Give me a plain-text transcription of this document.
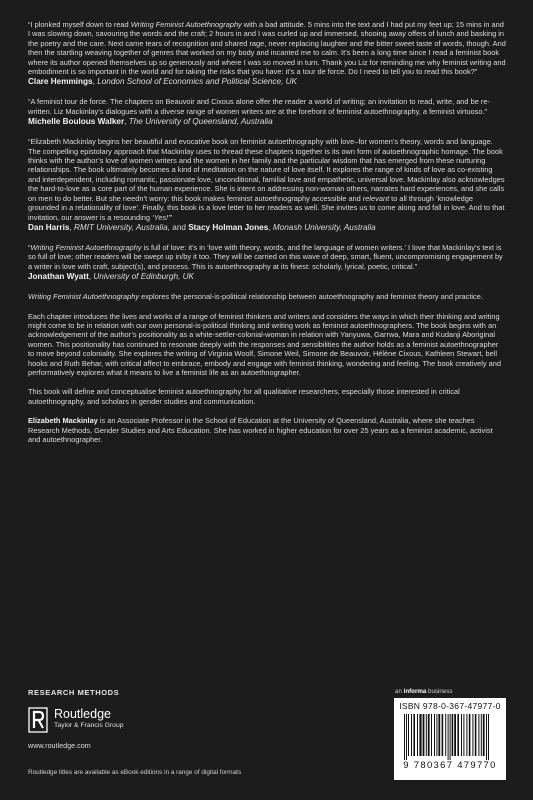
“I plonked myself down to read Writing Feminist Autoethnography with a bad attitude. 5 mins into the text and I had put my feet up; 15 mins in and I was slowing down, savouring the words and the craft; 2 hours in and I was curled up and immersed, shooing away offers of lunch and basking in the poetry and the care. Next came tears of recognition and shared rage, never replacing laughter and the bitter sweet taste of words, though. And then the startling weaving together of genres that worked on my body and incanted me to calm. It’s been a long time since I read a feminist book where its author opened themselves up so generously and where I was so moved in turn. Thank you Liz for reminding me why feminist writing and embodiment is so important in the world and for taking the risks that you have: it’s a tour de force. Do I need to tell you to read this book?”

Clare Hemmings, London School of Economics and Political Science, UK

“A feminist tour de force. The chapters on Beauvoir and Cixous alone offer the reader a world of writing; an invitation to read, write, and be re-written. Liz Mackinlay’s dialogues with a diverse range of women writers are at the forefront of feminist autoethnography, a feminist virtuoso.”

Michelle Boulous Walker, The University of Queensland, Australia

“Elizabeth Mackinlay begins her beautiful and evocative book on feminist autoethnography with love–for women’s theory, words and language. The compelling epistolary approach that Mackinlay uses to thread these chapters together is its own form of autoethnographic homage. The book thinks with the author’s love of women writers and the women in her family and the particular wisdom that has emerged from these nurturing relationships. The book ultimately becomes a kind of meditation on the nature of love itself. It explores the range of kinds of love as co-existing and interdependent, including romantic, passionate love, unconditional, familial love and empathetic, universal love. Mackinlay also acknowledges the hard-to-love as a core part of the human experience. She is intent on addressing non-woman others, narrates hard experiences, and she calls on men to do better. But she needn’t worry: this book makes feminist autoethnography accessible and relevant to all through ‘knowledge grounded in a relationality of love’. Finally, this book is a love letter to her readers as well. She invites us to come along and fall in love. And to that invitation, our answer is a resounding ‘Yes!’”

Dan Harris, RMIT University, Australia, and Stacy Holman Jones, Monash University, Australia

“Writing Feminist Autoethnography is full of love: it’s in ‘love with theory, words, and the language of women writers.’ I love that Mackinlay’s text is so full of love; other readers will be swept up in/by it too. They will be carried on this wave of deep, smart, fluent, uncompromising engagement by a writer in love with craft, subject(s), and process. This is autoethnography at its finest: scholarly, lyrical, poetic, critical.”

Jonathan Wyatt, University of Edinburgh, UK

Writing Feminist Autoethnography explores the personal-is-political relationship between autoethnography and feminist theory and practice.

Each chapter introduces the lives and works of a range of feminist thinkers and writers and considers the ways in which their thinking and writing might come to be in relation with our own personal-is-political thinking and writing work as feminist autoethnographers. The book begins with an acknowledgement of the author’s positionality as a white-settler-colonial-woman in relation with Yanyuwa, Garrwa, Mara and Kudanji Aboriginal women. This positionality has continued to resonate deeply with the responses and sensibilities the author holds as a feminist autoethnographer to move beyond coloniality. She explores the writing of Virginia Woolf, Simone Weil, Simone de Beauvoir, Hélène Cixous, Kathleen Stewart, bell hooks and Ruth Behar, with critical affect to embrace, embody and engage with feminist thinking, wondering and feeling. The book creatively and performatively explores what it means to live a feminist life as an autoethnographer.

This book will define and conceptualise feminist autoethnography for all qualitative researchers, especially those interested in critical autoethnography, and scholars in gender studies and communication.

Elizabeth Mackinlay is an Associate Professor in the School of Education at the University of Queensland, Australia, where she teaches Research Methods, Gender Studies and Arts Education. She has worked in higher education for over 25 years as a feminist academic, activist and autoethnographer.
RESEARCH METHODS
Routledge
Taylor & Francis Group
www.routledge.com
Routledge titles are available as eBook editions in a range of digital formats
an informa business
ISBN 978-0-367-47977-0
9 780367 479770
